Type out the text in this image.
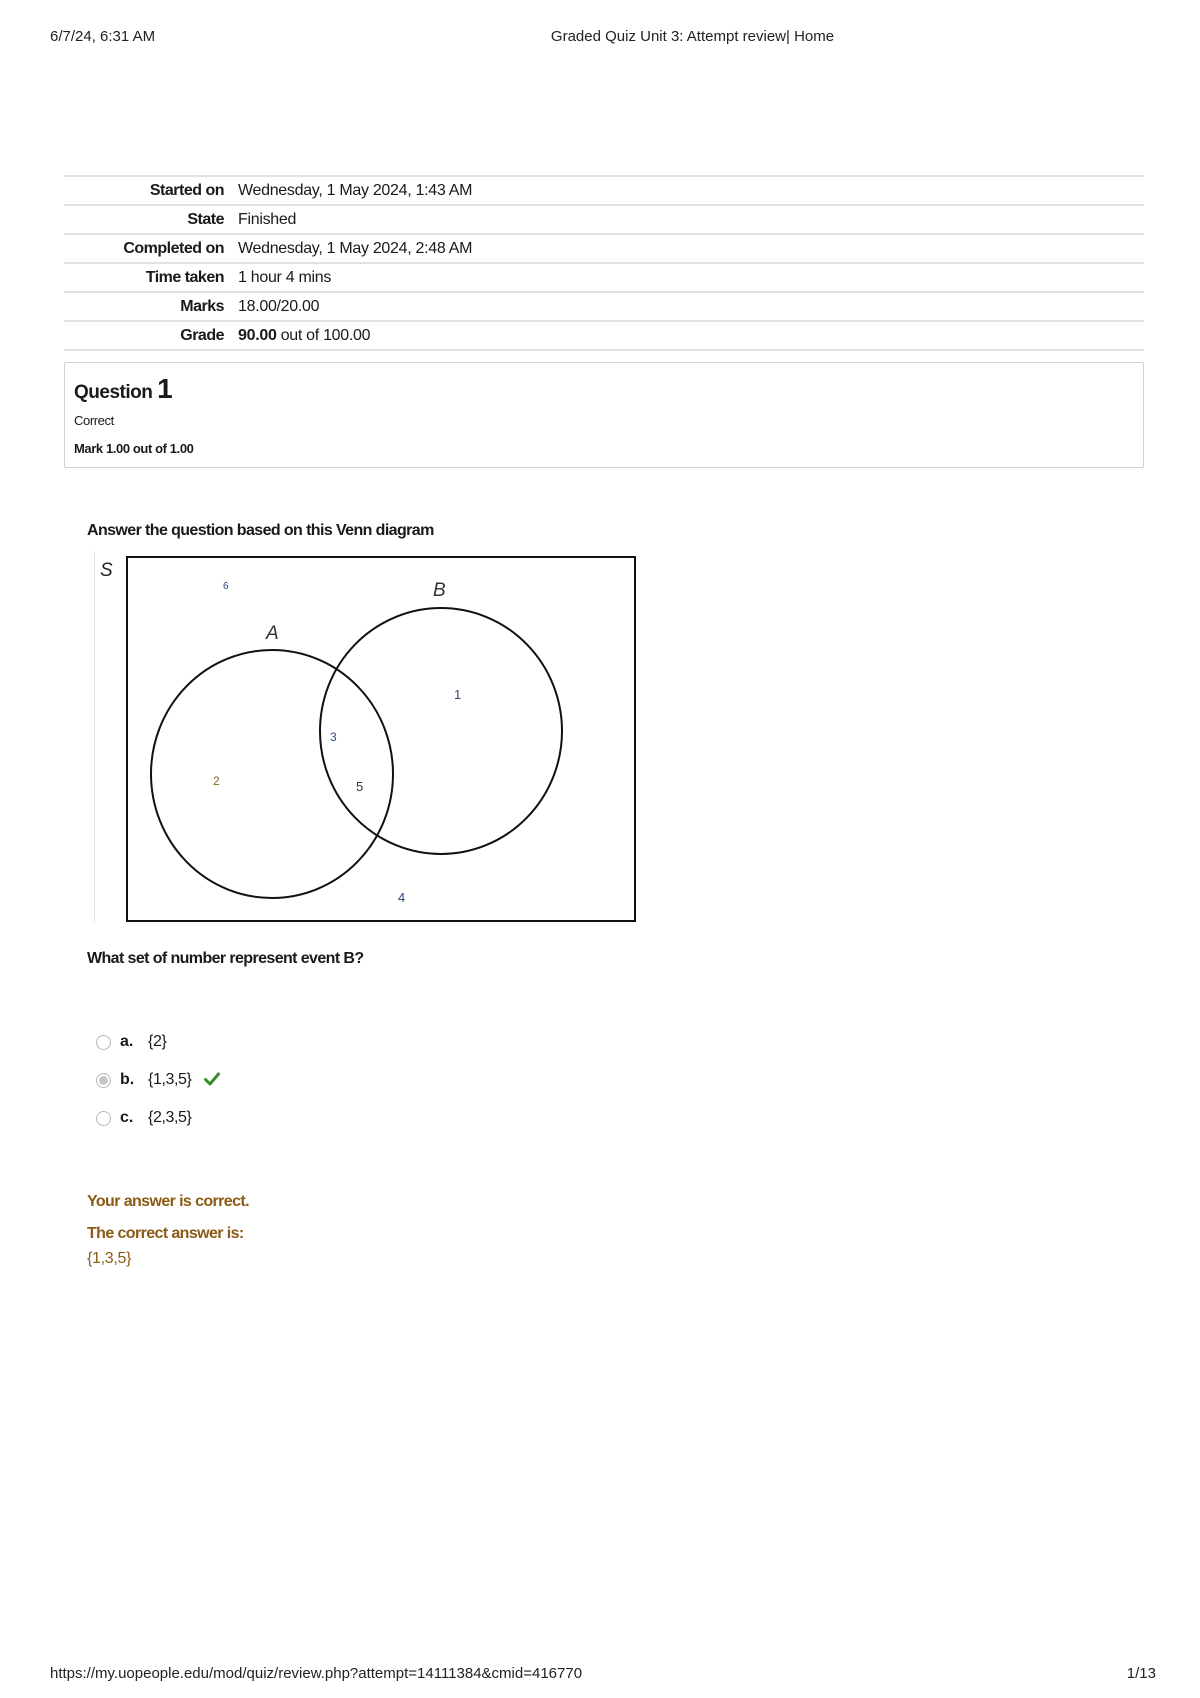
6/7/24, 6:31 AM	Graded Quiz Unit 3: Attempt review| Home
Started on	Wednesday, 1 May 2024, 1:43 AM
State	Finished
Completed on	Wednesday, 1 May 2024, 2:48 AM
Time taken	1 hour 4 mins
Marks	18.00/20.00
Grade	90.00 out of 100.00
Question 1
Correct
Mark 1.00 out of 1.00
Answer the question based on this Venn diagram
S
A
B
6
1
3
2	5
4
What set of number represent event B?
a. {2}
b. {1,3,5}
c. {2,3,5}
Your answer is correct.
The correct answer is:
{1,3,5}
https://my.uopeople.edu/mod/quiz/review.php?attempt=14111384&cmid=416770	1/13
